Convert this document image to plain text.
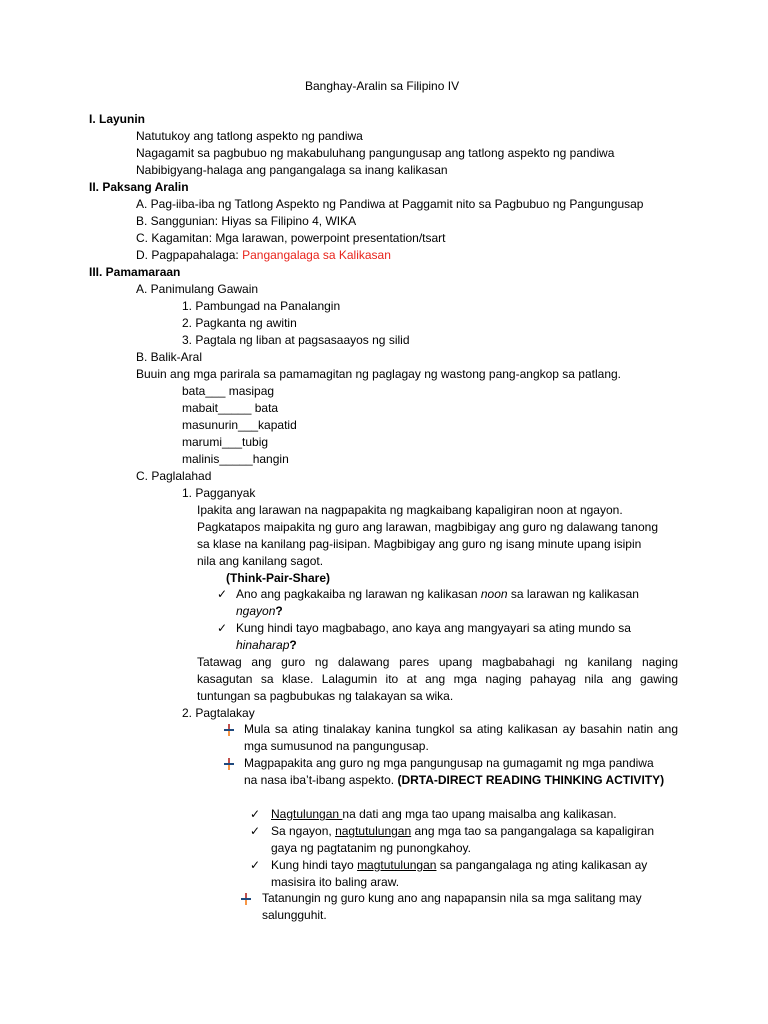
Banghay-Aralin sa Filipino IV
I. Layunin
Natutukoy ang tatlong aspekto ng pandiwa
Nagagamit sa pagbubuo ng makabuluhang pangungusap ang tatlong aspekto ng pandiwa
Nabibigyang-halaga ang pangangalaga sa inang kalikasan
II. Paksang Aralin
A. Pag-iiba-iba ng Tatlong Aspekto ng Pandiwa at Paggamit nito sa Pagbubuo ng Pangungusap
B. Sanggunian: Hiyas sa Filipino 4, WIKA
C. Kagamitan: Mga larawan, powerpoint presentation/tsart
D. Pagpapahalaga: Pangangalaga sa Kalikasan
III. Pamamaraan
A. Panimulang Gawain
1. Pambungad na Panalangin
2. Pagkanta ng awitin
3. Pagtala ng liban at pagsasaayos ng silid
B. Balik-Aral
Buuin ang mga parirala sa pamamagitan ng paglagay ng wastong pang-angkop sa patlang.
bata___ masipag
mabait_____ bata
masunurin___kapatid
marumi___tubig
malinis_____hangin
C. Paglalahad
1. Pagganyak
Ipakita ang larawan na nagpapakita ng magkaibang kapaligiran noon at ngayon.
Pagkatapos maipakita ng guro ang larawan, magbibigay ang guro ng dalawang tanong
sa klase na kanilang pag-iisipan. Magbibigay ang guro ng isang minute upang isipin
nila ang kanilang sagot.
(Think-Pair-Share)
✓ Ano ang pagkakaiba ng larawan ng kalikasan noon sa larawan ng kalikasan
ngayon?
✓ Kung hindi tayo magbabago, ano kaya ang mangyayari sa ating mundo sa
hinaharap?
Tatawag ang guro ng dalawang pares upang magbabahagi ng kanilang naging
kasagutan sa klase. Lalagumin ito at ang mga naging pahayag nila ang gawing
tuntungan sa pagbubukas ng talakayan sa wika.
2. Pagtalakay
Mula sa ating tinalakay kanina tungkol sa ating kalikasan ay basahin natin ang
mga sumusunod na pangungusap.
Magpapakita ang guro ng mga pangungusap na gumagamit ng mga pandiwa
na nasa iba’t-ibang aspekto. (DRTA-DIRECT READING THINKING ACTIVITY)
✓ Nagtulungan na dati ang mga tao upang maisalba ang kalikasan.
✓ Sa ngayon, nagtutulungan ang mga tao sa pangangalaga sa kapaligiran
gaya ng pagtatanim ng punongkahoy.
✓ Kung hindi tayo magtutulungan sa pangangalaga ng ating kalikasan ay
masisira ito baling araw.
Tatanungin ng guro kung ano ang napapansin nila sa mga salitang may
salungguhit.
